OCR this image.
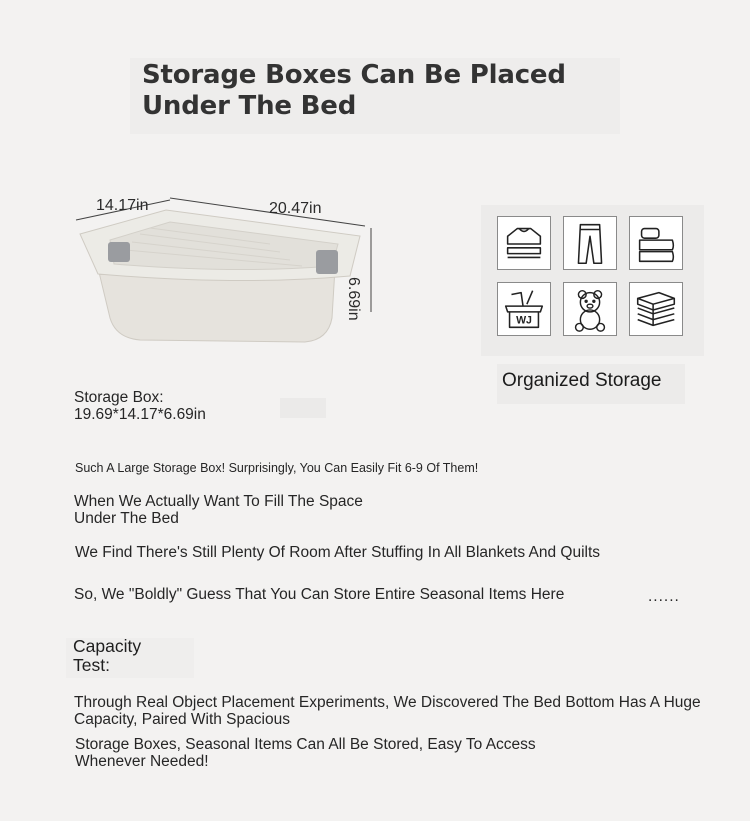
Storage Boxes Can Be Placed
Under The Bed
14.17in	20.47in
6.69in	WJ
Organized Storage
Storage Box:
19.69*14.17*6.69in
Such A Large Storage Box! Surprisingly, You Can Easily Fit 6-9 Of Them!
When We Actually Want To Fill The Space
Under The Bed
We Find There's Still Plenty Of Room After Stuffing In All Blankets And Quilts
So, We "Boldly" Guess That You Can Store Entire Seasonal Items Here	......
Capacity
Test:
Through Real Object Placement Experiments, We Discovered The Bed Bottom Has A Huge
Capacity, Paired With Spacious
Storage Boxes, Seasonal Items Can All Be Stored, Easy To Access
Whenever Needed!
